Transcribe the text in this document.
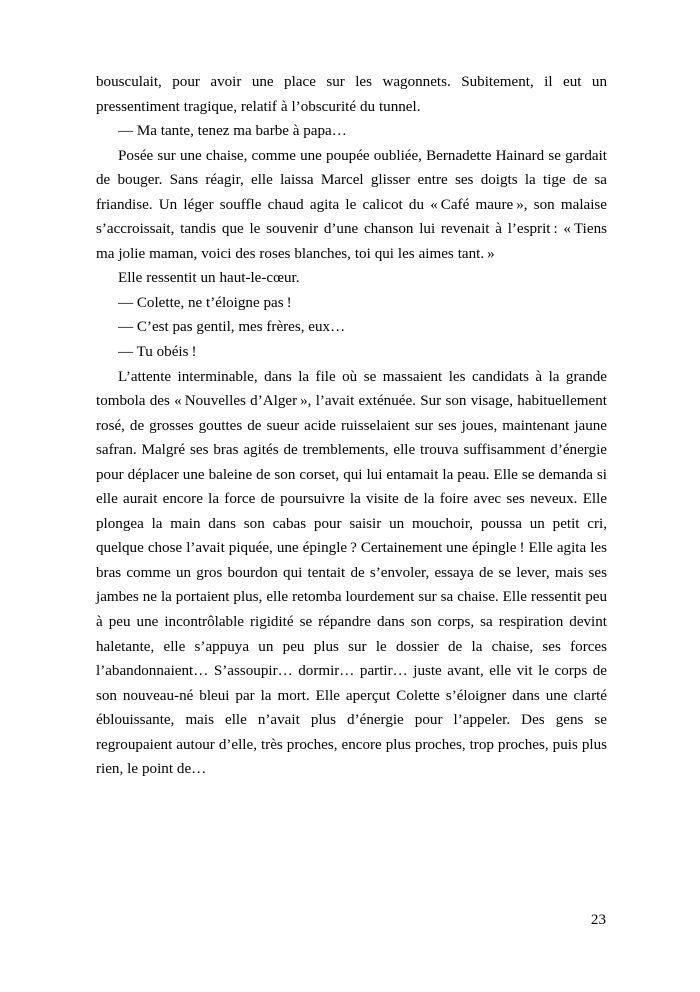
bousculait, pour avoir une place sur les wagonnets. Subitement, il eut un pressentiment tragique, relatif à l’obscurité du tunnel.

— Ma tante, tenez ma barbe à papa…

Posée sur une chaise, comme une poupée oubliée, Bernadette Hainard se gardait de bouger. Sans réagir, elle laissa Marcel glisser entre ses doigts la tige de sa friandise. Un léger souffle chaud agita le calicot du « Café maure », son malaise s’accroissait, tandis que le souvenir d’une chanson lui revenait à l’esprit : « Tiens ma jolie maman, voici des roses blanches, toi qui les aimes tant. »

Elle ressentit un haut-le-cœur.

— Colette, ne t’éloigne pas !

— C’est pas gentil, mes frères, eux…

— Tu obéis !

L’attente interminable, dans la file où se massaient les candidats à la grande tombola des « Nouvelles d’Alger », l’avait exténuée. Sur son visage, habituellement rosé, de grosses gouttes de sueur acide ruisselaient sur ses joues, maintenant jaune safran. Malgré ses bras agités de tremblements, elle trouva suffisamment d’énergie pour déplacer une baleine de son corset, qui lui entamait la peau. Elle se demanda si elle aurait encore la force de poursuivre la visite de la foire avec ses neveux. Elle plongea la main dans son cabas pour saisir un mouchoir, poussa un petit cri, quelque chose l’avait piquée, une épingle ? Certainement une épingle ! Elle agita les bras comme un gros bourdon qui tentait de s’envoler, essaya de se lever, mais ses jambes ne la portaient plus, elle retomba lourdement sur sa chaise. Elle ressentit peu à peu une incontrôlable rigidité se répandre dans son corps, sa respiration devint haletante, elle s’appuya un peu plus sur le dossier de la chaise, ses forces l’abandonnaient… S’assoupir… dormir… partir… juste avant, elle vit le corps de son nouveau-né bleui par la mort. Elle aperçut Colette s’éloigner dans une clarté éblouissante, mais elle n’avait plus d’énergie pour l’appeler. Des gens se regroupaient autour d’elle, très proches, encore plus proches, trop proches, puis plus rien, le point de…

23
